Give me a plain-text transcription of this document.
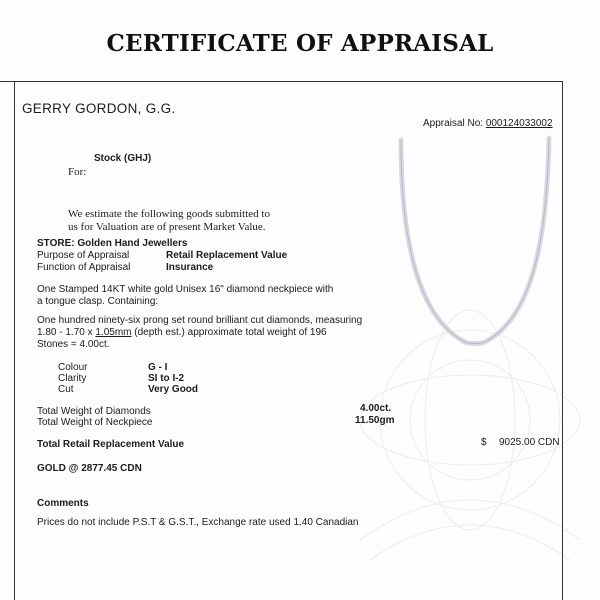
CERTIFICATE OF APPRAISAL
GERRY GORDON, G.G.
Appraisal No: 000124033002
Stock (GHJ)
For:
We estimate the following goods submitted to
us for Valuation are of present Market Value.
STORE: Golden Hand Jewellers
Purpose of Appraisal	Retail Replacement Value
Function of Appraisal	Insurance
One Stamped 14KT white gold Unisex 16" diamond neckpiece with
a tongue clasp. Containing:
One hundred ninety-six prong set round brilliant cut diamonds, measuring
1.80 - 1.70 x 1.05mm (depth est.) approximate total weight of 196
Stones = 4.00ct.
Colour	G - I
Clarity	SI to I-2
Cut	Very Good
Total Weight of Diamonds	4.00ct.
Total Weight of Neckpiece	11.50gm
Total Retail Replacement Value	$ 9025.00 CDN
GOLD @ 2877.45 CDN
Comments
Prices do not include P.S.T & G.S.T., Exchange rate used 1.40 Canadian
